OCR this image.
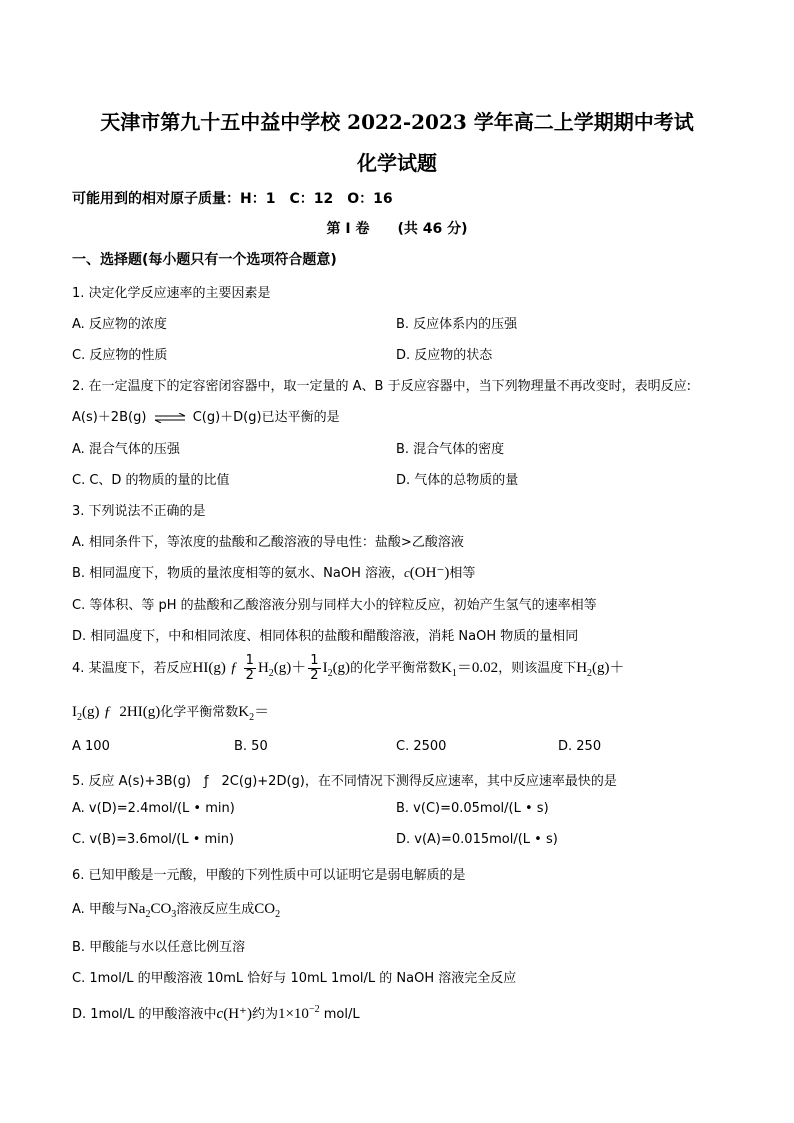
天津市第九十五中益中学校 2022-2023 学年高二上学期期中考试
化学试题
可能用到的相对原子质量：H：1　C：12　O：16
第 I 卷　　(共 46 分)
一、选择题(每小题只有一个选项符合题意)
1. 决定化学反应速率的主要因素是
A. 反应物的浓度	B. 反应体系内的压强
C. 反应物的性质	D. 反应物的状态
2. 在一定温度下的定容密闭容器中，取一定量的 A、B 于反应容器中，当下列物理量不再改变时，表明反应:
A(s)＋2B(g) ⇌ C(g)＋D(g)已达平衡的是
A. 混合气体的压强	B. 混合气体的密度
C. C、D 的物质的量的比值	D. 气体的总物质的量
3. 下列说法不正确的是
A. 相同条件下，等浓度的盐酸和乙酸溶液的导电性：盐酸>乙酸溶液
B. 相同温度下，物质的量浓度相等的氨水、NaOH 溶液，c(OH⁻)相等
C. 等体积、等 pH 的盐酸和乙酸溶液分别与同样大小的锌粒反应，初始产生氢气的速率相等
D. 相同温度下，中和相同浓度、相同体积的盐酸和醋酸溶液，消耗 NaOH 物质的量相同
4. 某温度下，若反应HI(g) ƒ $\frac{1}{2} H_2(g)+ \frac{1}{2} I_2(g)$的化学平衡常数$K_1=0.02$，则该温度下$H_2(g)+$
$I_2(g)$ ƒ 2HI(g)化学平衡常数$K_2=$
A 100	B. 50	C. 2500	D. 250
5. 反应 A(s)+3B(g)　ƒ　2C(g)+2D(g)，在不同情况下测得反应速率，其中反应速率最快的是
A. v(D)=2.4mol/(L • min)	B. v(C)=0.05mol/(L • s)
C. v(B)=3.6mol/(L • min)	D. v(A)=0.015mol/(L • s)
6. 已知甲酸是一元酸，甲酸的下列性质中可以证明它是弱电解质的是
A. 甲酸与$Na_2CO_3$溶液反应生成$CO_2$
B. 甲酸能与水以任意比例互溶
C. 1mol/L 的甲酸溶液 10mL 恰好与 10mL 1mol/L 的 NaOH 溶液完全反应
D. 1mol/L 的甲酸溶液中c(H⁺)约为$1\times 10^{-2}$ mol/L
